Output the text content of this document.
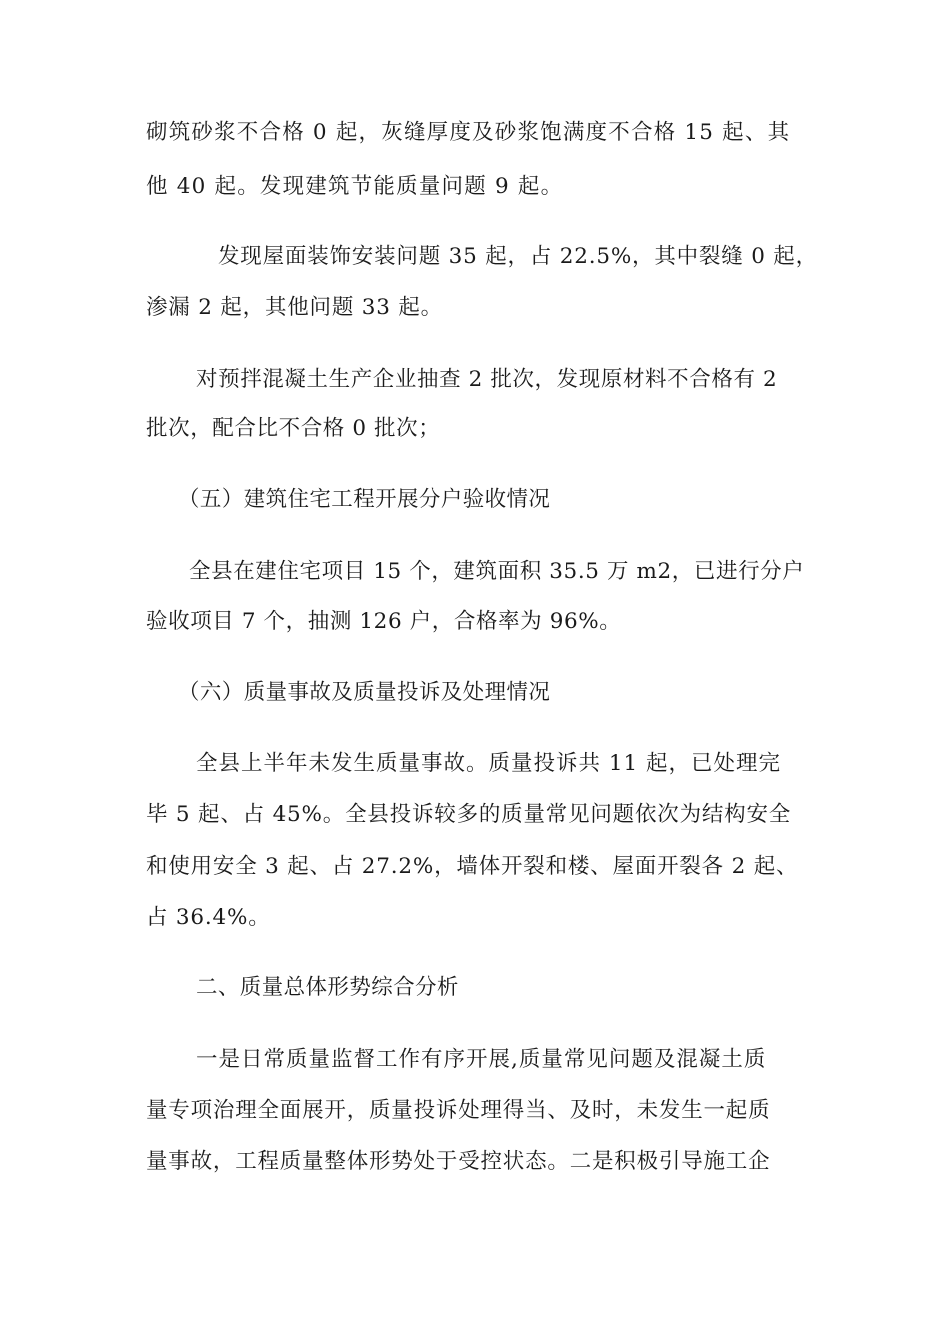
砌筑砂浆不合格 0 起，灰缝厚度及砂浆饱满度不合格 15 起、其

他 40 起。发现建筑节能质量问题 9 起。

发现屋面装饰安装问题 35 起，占 22.5%，其中裂缝 0 起，

渗漏 2 起，其他问题 33 起。

对预拌混凝土生产企业抽查 2 批次，发现原材料不合格有 2

批次，配合比不合格 0 批次；

（五）建筑住宅工程开展分户验收情况

全县在建住宅项目 15 个，建筑面积 35.5 万 m2，已进行分户

验收项目 7 个，抽测 126 户，合格率为 96%。

（六）质量事故及质量投诉及处理情况

全县上半年未发生质量事故。质量投诉共 11 起，已处理完

毕 5 起、占 45%。全县投诉较多的质量常见问题依次为结构安全

和使用安全 3 起、占 27.2%，墙体开裂和楼、屋面开裂各 2 起、

占 36.4%。

二、质量总体形势综合分析

一是日常质量监督工作有序开展,质量常见问题及混凝土质

量专项治理全面展开，质量投诉处理得当、及时，未发生一起质

量事故，工程质量整体形势处于受控状态。二是积极引导施工企
